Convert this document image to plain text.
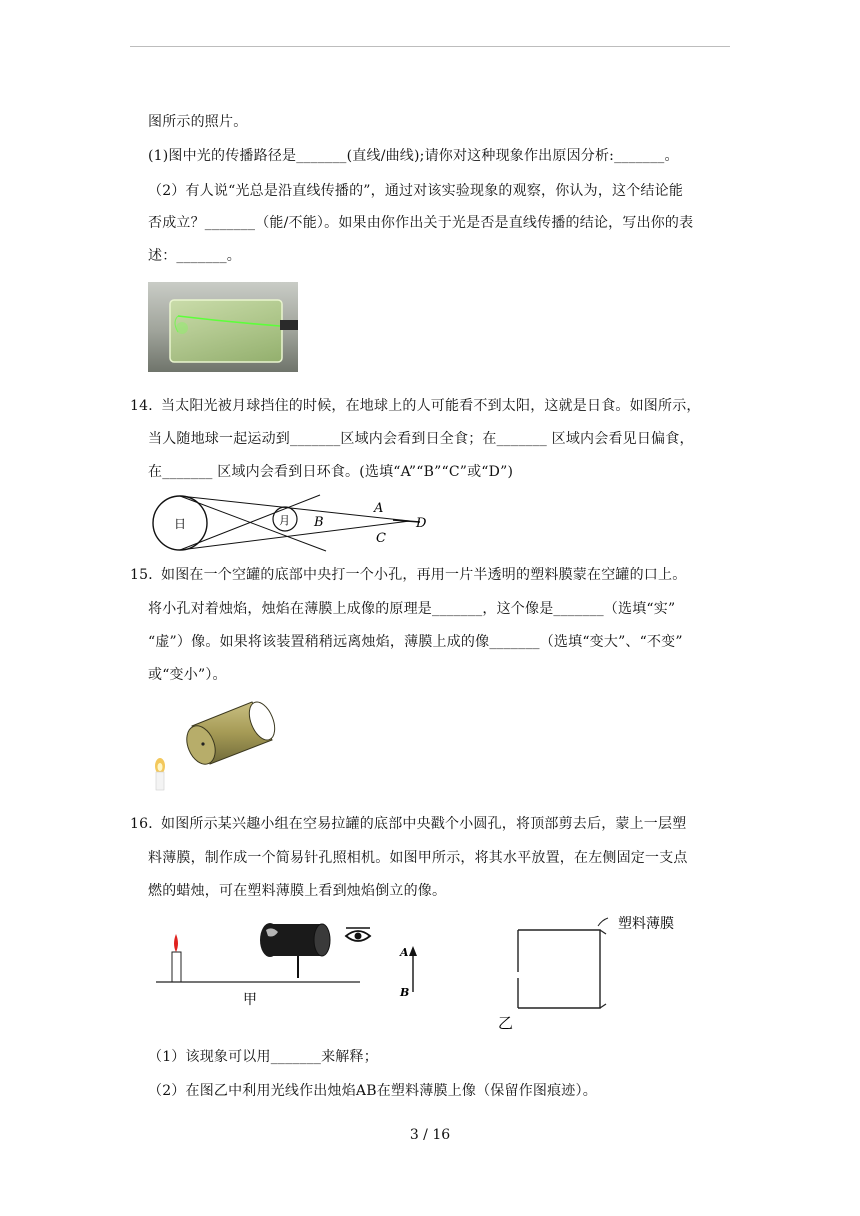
图所示的照片。
(1)图中光的传播路径是_______(直线/曲线);请你对这种现象作出原因分析:_______。
（2）有人说“光总是沿直线传播的”，通过对该实验现象的观察，你认为，这个结论能
否成立？_______（能/不能）。如果由你作出关于光是否是直线传播的结论，写出你的表
述：_______。
14．
当太阳光被月球挡住的时候，在地球上的人可能看不到太阳，这就是日食。如图所示，
当人随地球一起运动到_______区域内会看到日全食；在_______ 区域内会看见日偏食，
在_______ 区域内会看到日环食。(选填“A”“B”“C”或“D”)
日	月 B
A
C
D
15．
如图在一个空罐的底部中央打一个小孔，再用一片半透明的塑料膜蒙在空罐的口上。
将小孔对着烛焰，烛焰在薄膜上成像的原理是_______，这个像是_______（选填“实”
“虚”）像。如果将该装置稍稍远离烛焰，薄膜上成的像_______（选填“变大”、“不变”
或“变小”）。
16．
如图所示某兴趣小组在空易拉罐的底部中央戳个小圆孔，将顶部剪去后，蒙上一层塑
料薄膜，制作成一个简易针孔照相机。如图甲所示，将其水平放置，在左侧固定一支点
燃的蜡烛，可在塑料薄膜上看到烛焰倒立的像。
A
B
甲
塑料薄膜
乙
（1）该现象可以用_______来解释；
（2）在图乙中利用光线作出烛焰AB在塑料薄膜上像（保留作图痕迹）。
3 / 16
